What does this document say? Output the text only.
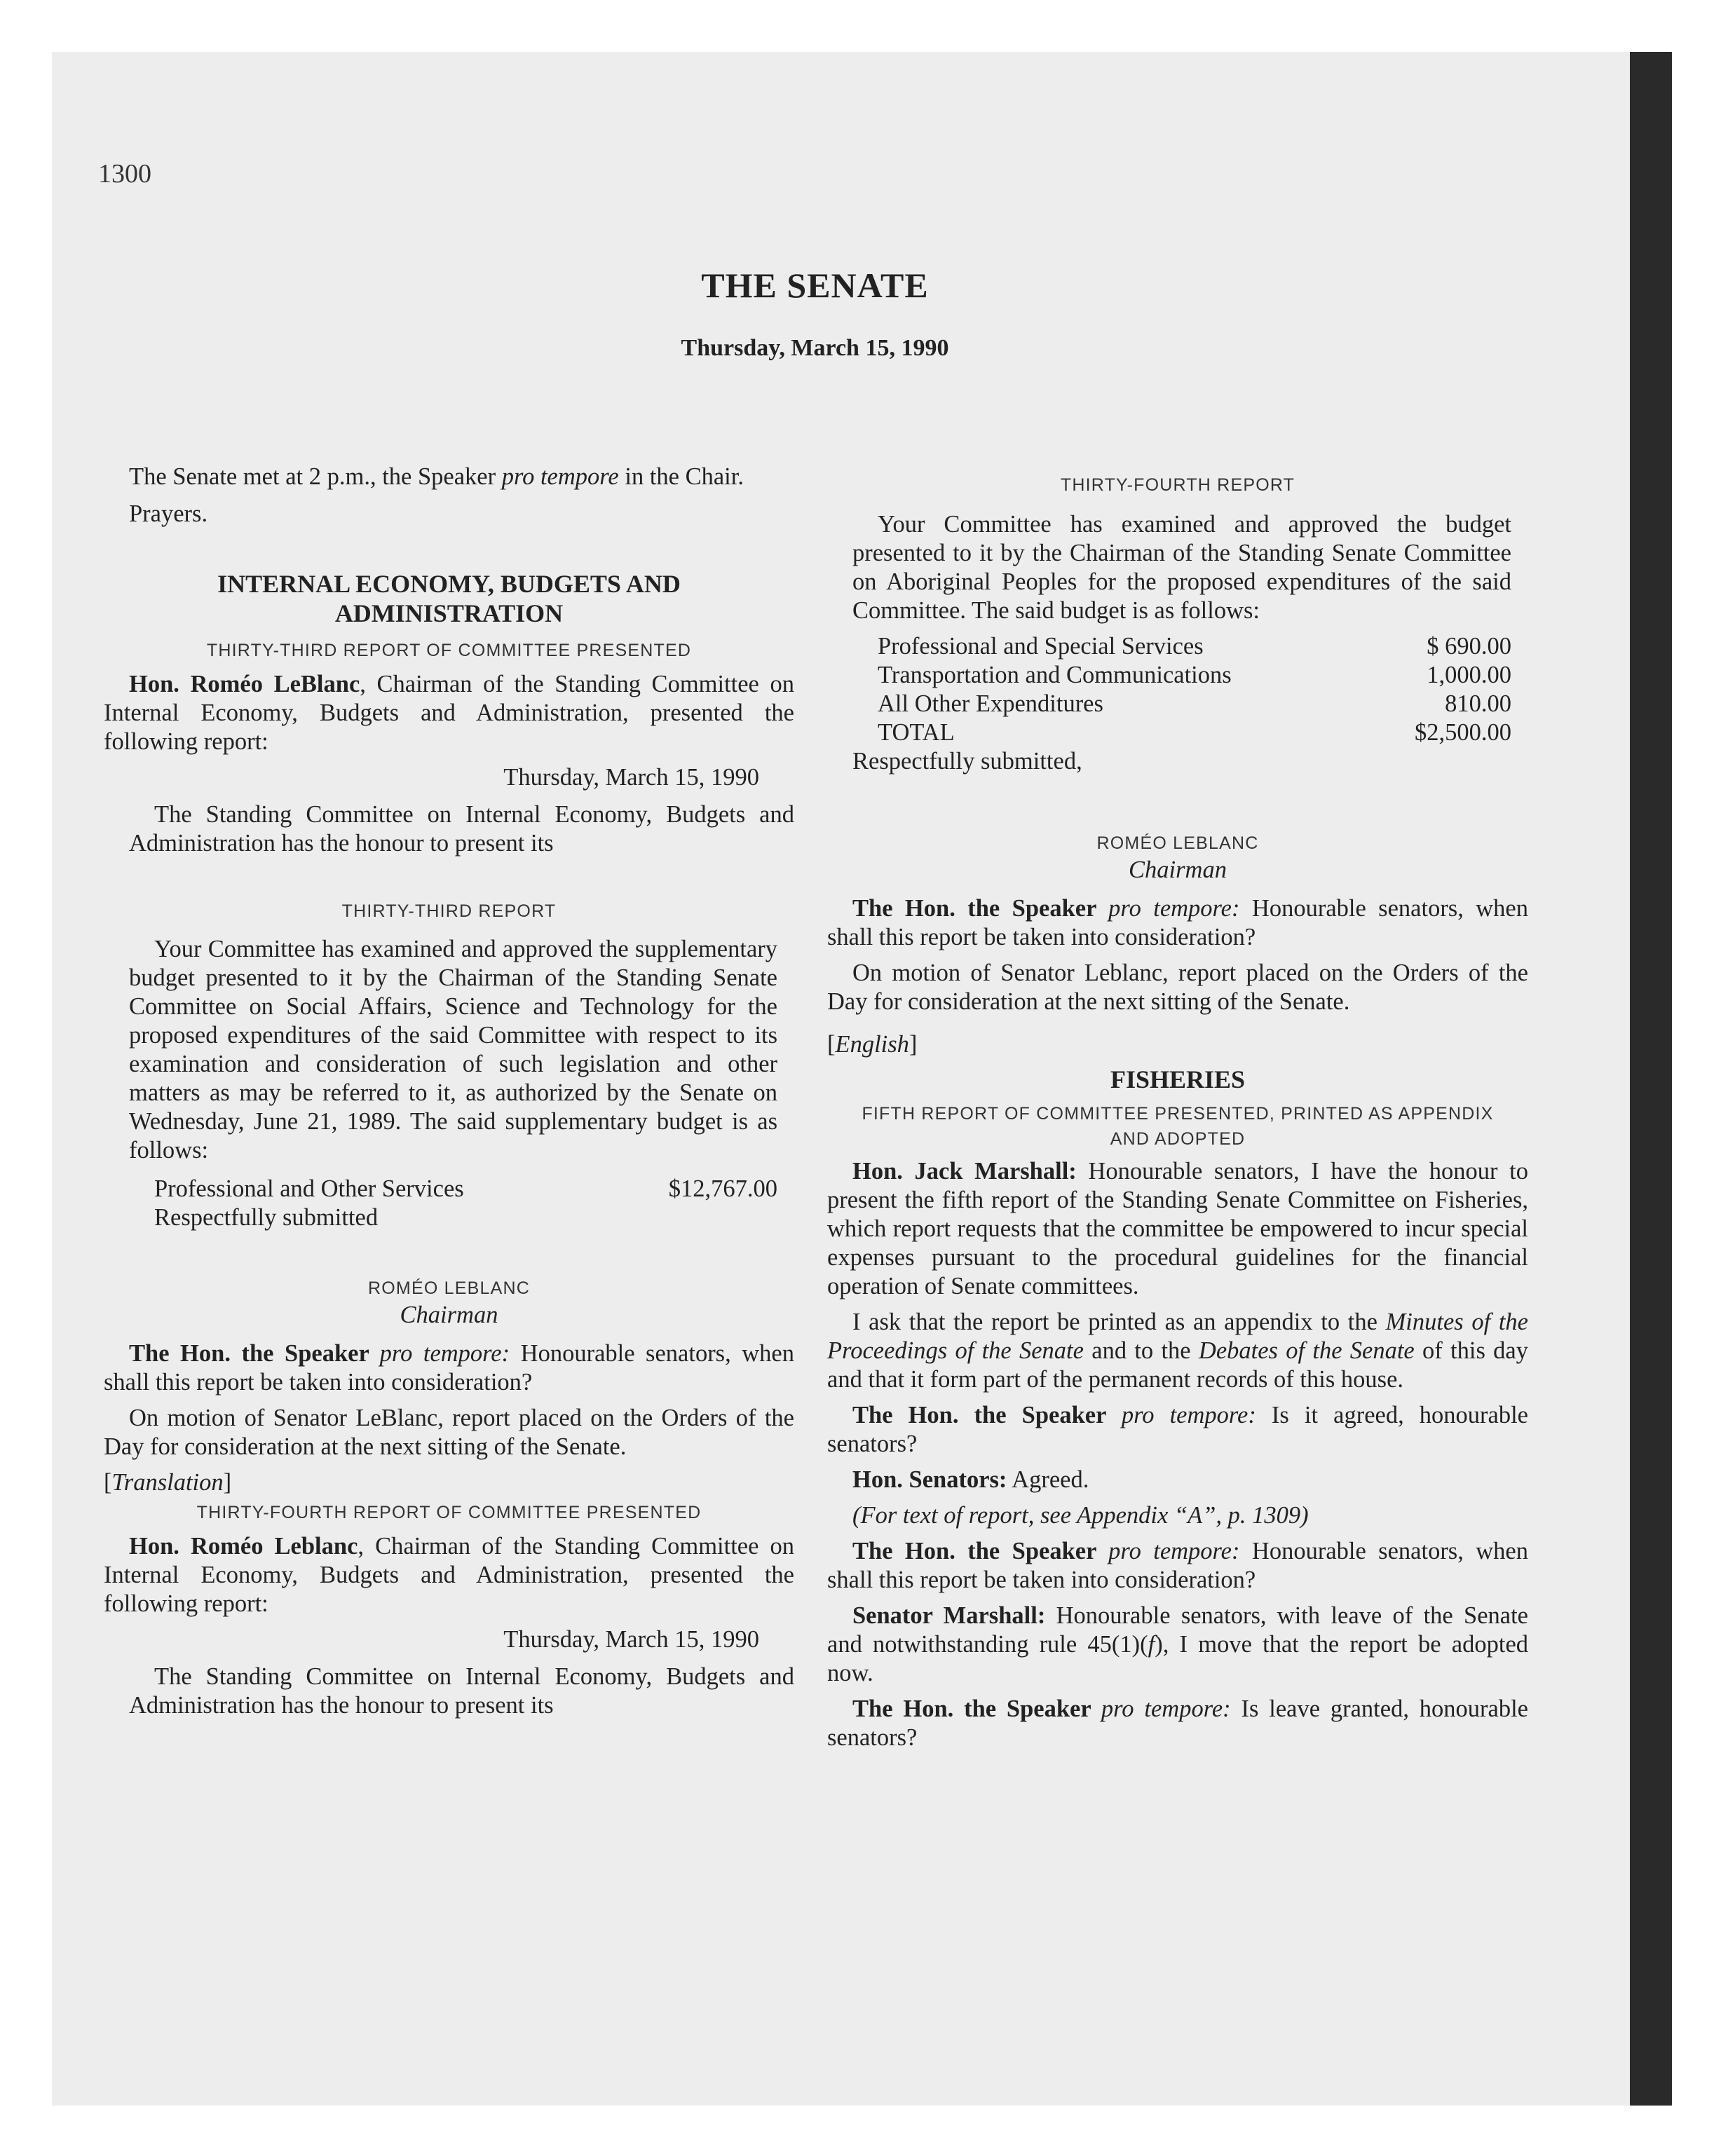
1300
THE SENATE
Thursday, March 15, 1990

The Senate met at 2 p.m., the Speaker pro tempore in the Chair.

Prayers.

INTERNAL ECONOMY, BUDGETS AND ADMINISTRATION
THIRTY-THIRD REPORT OF COMMITTEE PRESENTED

Hon. Roméo LeBlanc, Chairman of the Standing Committee on Internal Economy, Budgets and Administration, presented the following report:

Thursday, March 15, 1990

The Standing Committee on Internal Economy, Budgets and Administration has the honour to present its

THIRTY-THIRD REPORT

Your Committee has examined and approved the supplementary budget presented to it by the Chairman of the Standing Senate Committee on Social Affairs, Science and Technology for the proposed expenditures of the said Committee with respect to its examination and consideration of such legislation and other matters as may be referred to it, as authorized by the Senate on Wednesday, June 21, 1989. The said supplementary budget is as follows:

Professional and Other Services	$12,767.00
Respectfully submitted
ROMÉO LEBLANC
Chairman

The Hon. the Speaker pro tempore: Honourable senators, when shall this report be taken into consideration?

On motion of Senator LeBlanc, report placed on the Orders of the Day for consideration at the next sitting of the Senate.

[Translation]

THIRTY-FOURTH REPORT OF COMMITTEE PRESENTED

Hon. Roméo Leblanc, Chairman of the Standing Committee on Internal Economy, Budgets and Administration, presented the following report:

Thursday, March 15, 1990

The Standing Committee on Internal Economy, Budgets and Administration has the honour to present its

THIRTY-FOURTH REPORT

Your Committee has examined and approved the budget presented to it by the Chairman of the Standing Senate Committee on Aboriginal Peoples for the proposed expenditures of the said Committee. The said budget is as follows:

Professional and Special Services	$ 690.00
Transportation and Communications	1,000.00
All Other Expenditures	810.00
TOTAL	$2,500.00
Respectfully submitted,
ROMÉO LEBLANC
Chairman

The Hon. the Speaker pro tempore: Honourable senators, when shall this report be taken into consideration?

On motion of Senator Leblanc, report placed on the Orders of the Day for consideration at the next sitting of the Senate.

[English]

FISHERIES
FIFTH REPORT OF COMMITTEE PRESENTED, PRINTED AS APPENDIX AND ADOPTED

Hon. Jack Marshall: Honourable senators, I have the honour to present the fifth report of the Standing Senate Committee on Fisheries, which report requests that the committee be empowered to incur special expenses pursuant to the procedural guidelines for the financial operation of Senate committees.

I ask that the report be printed as an appendix to the Minutes of the Proceedings of the Senate and to the Debates of the Senate of this day and that it form part of the permanent records of this house.

The Hon. the Speaker pro tempore: Is it agreed, honourable senators?

Hon. Senators: Agreed.

(For text of report, see Appendix “A”, p. 1309)

The Hon. the Speaker pro tempore: Honourable senators, when shall this report be taken into consideration?

Senator Marshall: Honourable senators, with leave of the Senate and notwithstanding rule 45(1)(f), I move that the report be adopted now.

The Hon. the Speaker pro tempore: Is leave granted, honourable senators?
